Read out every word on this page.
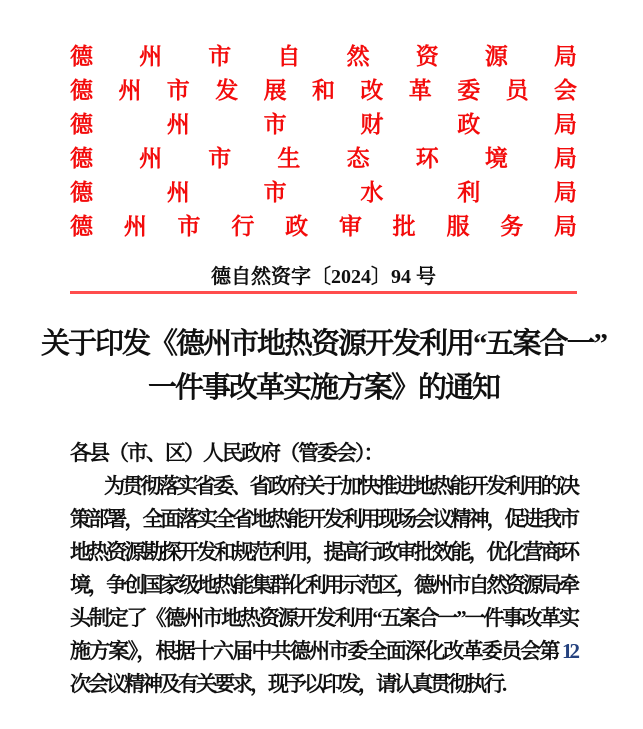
德州市自然资源局
德州市发展和改革委员会
德州市财政局
德州市生态环境局
德州市水利局
德州市行政审批服务局
德自然资字〔2024〕94 号
关于印发《德州市地热资源开发利用“五案合一”
一件事改革实施方案》的通知
各县（市、区）人民政府（管委会）：
为贯彻落实省委、省政府关于加快推进地热能开发利用的决
策部署，全面落实全省地热能开发利用现场会议精神，促进我市
地热资源勘探开发和规范利用，提高行政审批效能，优化营商环
境，争创国家级地热能集群化利用示范区，德州市自然资源局牵
头制定了《德州市地热资源开发利用“五案合一”一件事改革实
施方案》，根据十六届中共德州市委全面深化改革委员会第 12
次会议精神及有关要求，现予以印发，请认真贯彻执行.
